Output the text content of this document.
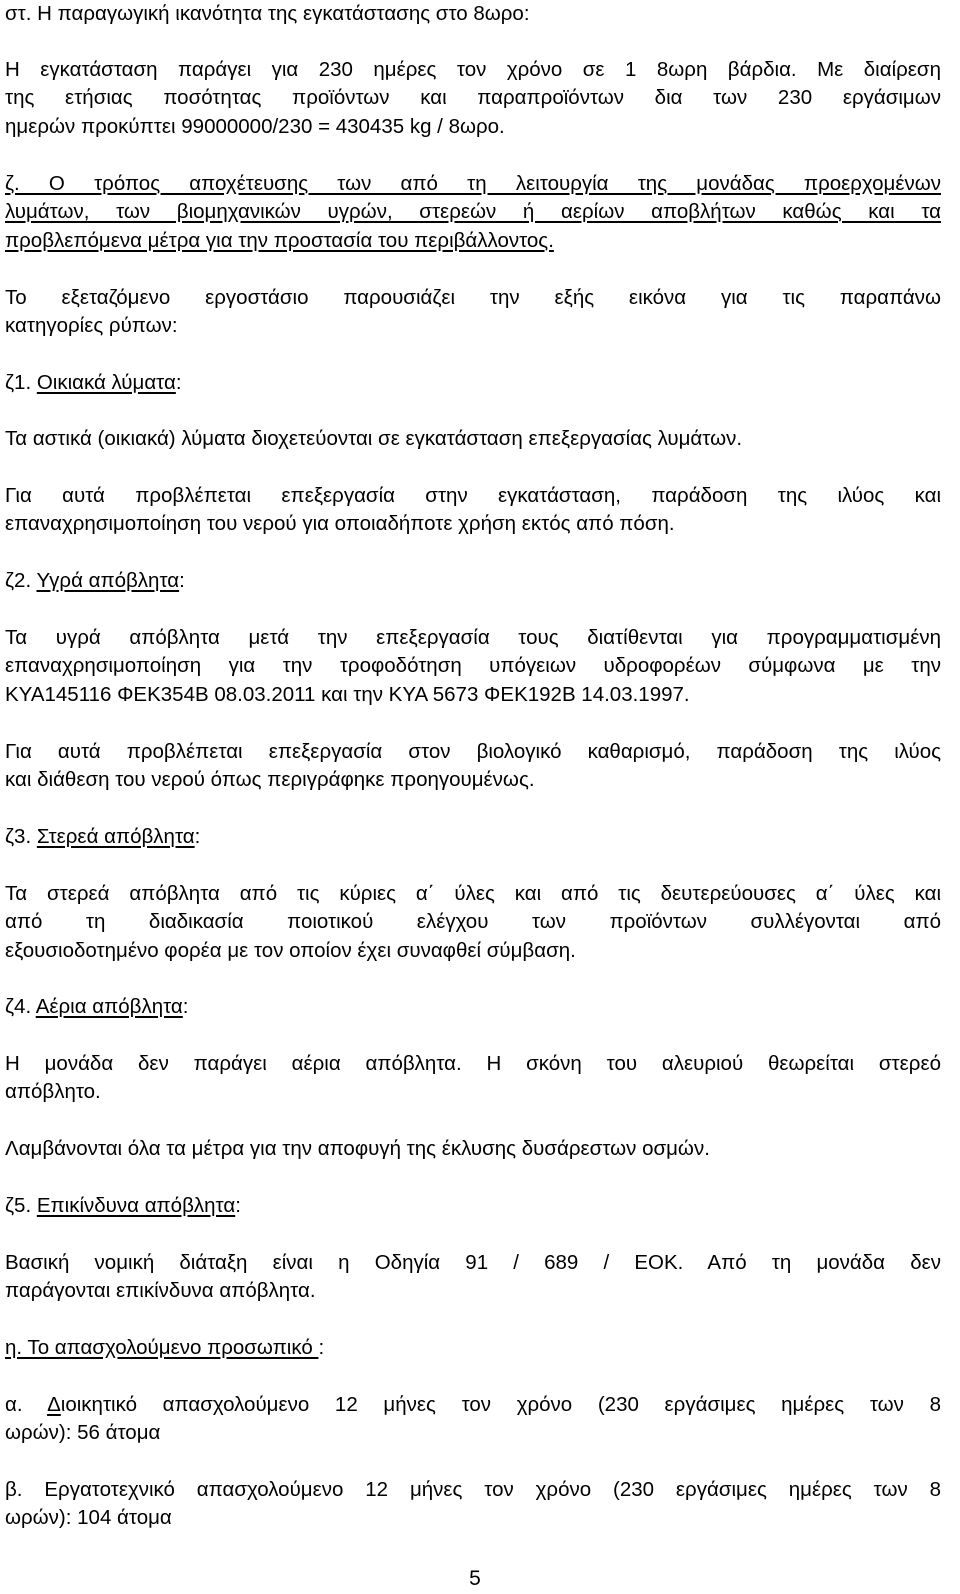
στ. Η παραγωγική ικανότητα της εγκατάστασης στο 8ωρο:
Η εγκατάσταση παράγει για 230 ημέρες τον χρόνο σε 1 8ωρη βάρδια. Με διαίρεση
της ετήσιας ποσότητας προϊόντων και παραπροϊόντων δια των 230 εργάσιμων
ημερών προκύπτει 99000000/230 = 430435 kg / 8ωρο.
ζ. Ο τρόπος αποχέτευσης των από τη λειτουργία της μονάδας προερχομένων
λυμάτων, των βιομηχανικών υγρών, στερεών ή αερίων αποβλήτων καθώς και τα
προβλεπόμενα μέτρα για την προστασία του περιβάλλοντος.
Το εξεταζόμενο εργοστάσιο παρουσιάζει την εξής εικόνα για τις παραπάνω
κατηγορίες ρύπων:
ζ1. Οικιακά λύματα:
Τα αστικά (οικιακά) λύματα διοχετεύονται σε εγκατάσταση επεξεργασίας λυμάτων.
Για αυτά προβλέπεται επεξεργασία στην εγκατάσταση, παράδοση της ιλύος και
επαναχρησιμοποίηση του νερού για οποιαδήποτε χρήση εκτός από πόση.
ζ2. Υγρά απόβλητα:
Τα υγρά απόβλητα μετά την επεξεργασία τους διατίθενται για προγραμματισμένη
επαναχρησιμοποίηση για την τροφοδότηση υπόγειων υδροφορέων σύμφωνα με την
ΚΥΑ145116 ΦΕΚ354Β 08.03.2011 και την ΚΥΑ 5673 ΦΕΚ192Β 14.03.1997.
Για αυτά προβλέπεται επεξεργασία στον βιολογικό καθαρισμό, παράδοση της ιλύος
και διάθεση του νερού όπως περιγράφηκε προηγουμένως.
ζ3. Στερεά απόβλητα:
Τα στερεά απόβλητα από τις κύριες α΄ ύλες και από τις δευτερεύουσες α΄ ύλες και
από τη διαδικασία ποιοτικού ελέγχου των προϊόντων συλλέγονται από
εξουσιοδοτημένο φορέα με τον οποίον έχει συναφθεί σύμβαση.
ζ4. Αέρια απόβλητα:
Η μονάδα δεν παράγει αέρια απόβλητα. Η σκόνη του αλευριού θεωρείται στερεό
απόβλητο.
Λαμβάνονται όλα τα μέτρα για την αποφυγή της έκλυσης δυσάρεστων οσμών.
ζ5. Επικίνδυνα απόβλητα:
Βασική νομική διάταξη είναι η Οδηγία 91 / 689 / ΕΟΚ. Από τη μονάδα δεν
παράγονται επικίνδυνα απόβλητα.
η. Το απασχολούμενο προσωπικό :
α. Διοικητικό απασχολούμενο 12 μήνες τον χρόνο (230 εργάσιμες ημέρες των 8
ωρών): 56 άτομα
β. Εργατοτεχνικό απασχολούμενο 12 μήνες τον χρόνο (230 εργάσιμες ημέρες των 8
ωρών): 104 άτομα
5
